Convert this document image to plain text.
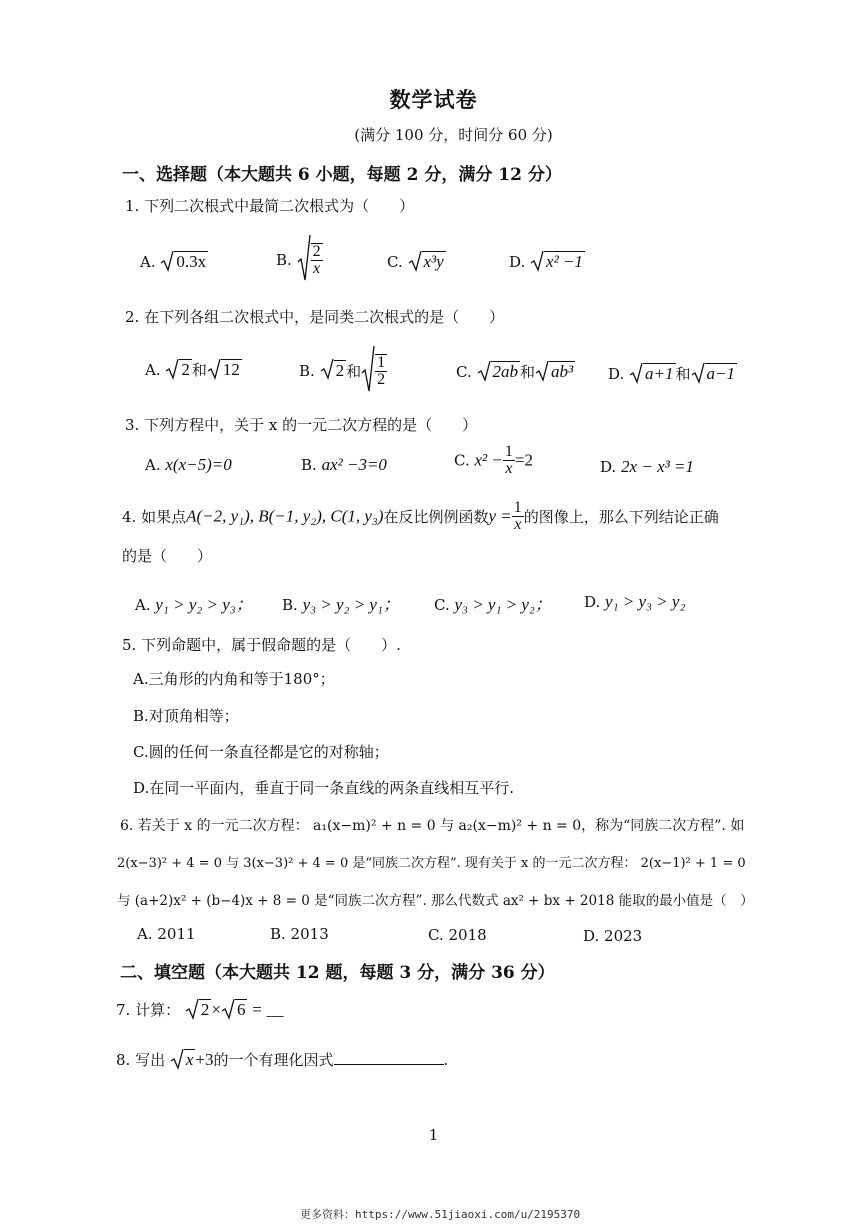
数学试卷
(满分 100 分，时间分 60 分)
一、选择题（本大题共 6 小题，每题 2 分，满分 12 分）
1. 下列二次根式中最简二次根式为（　　）
A. 0.3x	B. $\frac{2}{x}$	C. x³y	D. x² −1
2. 在下列各组二次根式中，是同类二次根式的是（　　）
A. 2 和 12	B. 2 和 $\frac{1}{2}$	C. 2ab 和 ab³ D. a+1 和 a−1
3. 下列方程中，关于 x 的一元二次方程的是（　　）
A. x(x−5)=0	B. ax² −3=0	C. $x^2 - \frac{1}{x} =2$	D. 2x − x³ =1
4. 如果点A(−2, y₁), B(−1, y₂), C(1, y₃)在反比例例函数$y = \frac{1}{x}$ 的图像上，那么下列结论正确
的是（　　）
A. y₁ > y₂ > y₃； B. y₃ > y₂ > y₁； C. y₃ > y₁ > y₂； D. y₁ > y₃ > y₂
5. 下列命题中，属于假命题的是（　　）.
A.三角形的内角和等于180°；
B.对顶角相等；
C.圆的任何一条直径都是它的对称轴；
D.在同一平面内，垂直于同一条直线的两条直线相互平行.
6. 若关于 x 的一元二次方程： a₁(x−m)² + n = 0 与 a₂(x−m)² + n = 0，称为“同族二次方程”. 如
2(x−3)² + 4 = 0 与 3(x−3)² + 4 = 0 是“同族二次方程”. 现有关于 x 的一元二次方程： 2(x−1)² + 1 = 0
与 (a+2)x² + (b−4)x + 8 = 0 是“同族二次方程”. 那么代数式 ax² + bx + 2018 能取的最小值是（　）
A. 2011	B. 2013	C. 2018	D. 2023
二、填空题（本大题共 12 题，每题 3 分，满分 36 分）
7. 计算： 2 × 6 = __
8. 写出 x +3的一个有理化因式	.
1
更多资料：https://www.51jiaoxi.com/u/2195370
